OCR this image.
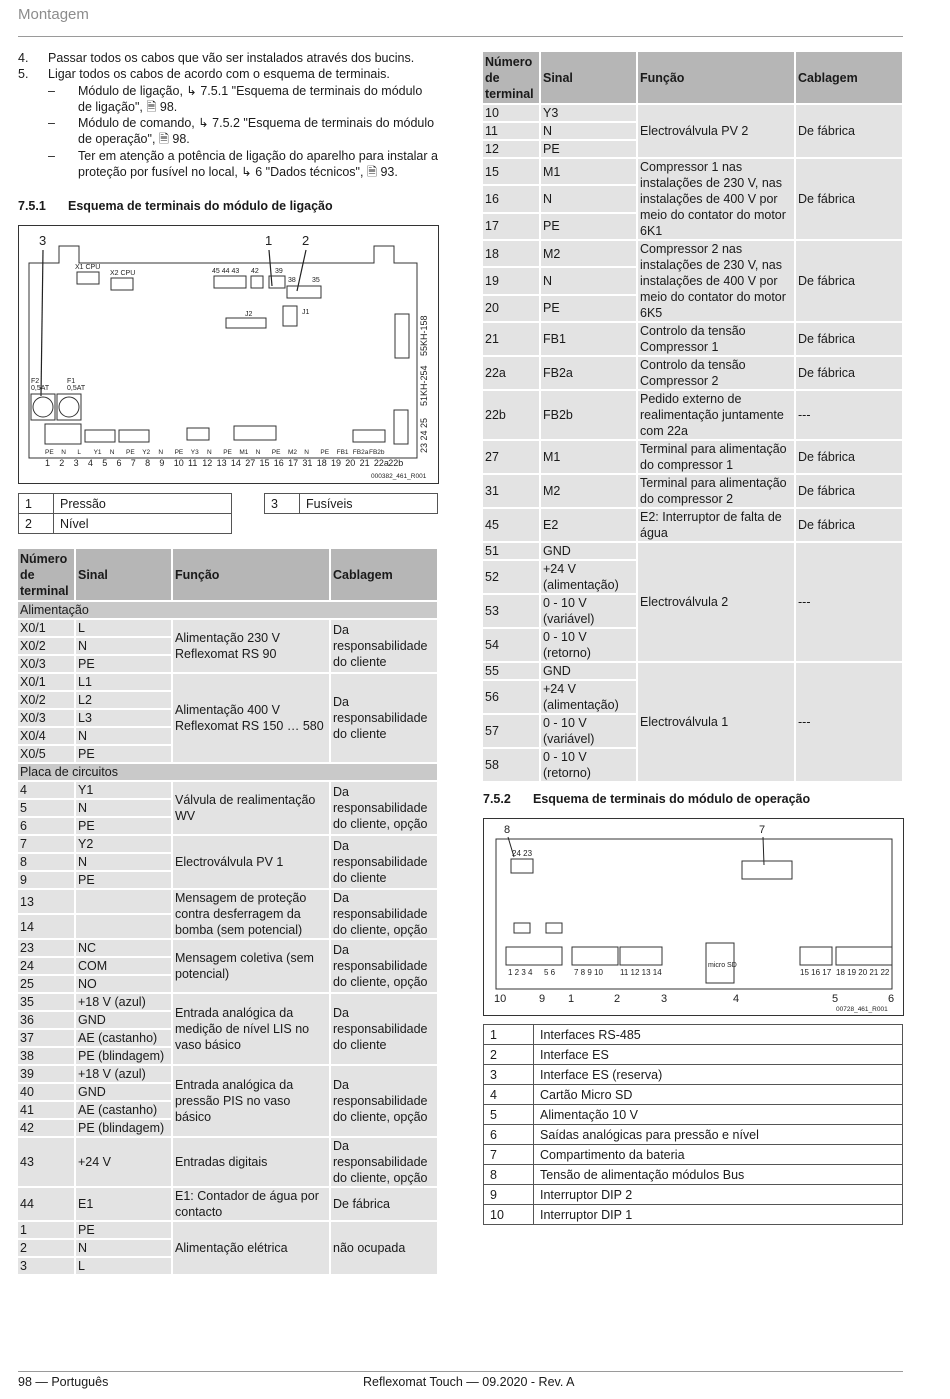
Montagem
4.	Passar todos os cabos que vão ser instalados através dos bucins.
5.	Ligar todos os cabos de acordo com o esquema de terminais.
–	Módulo de ligação, ↳ 7.5.1 "Esquema de terminais do módulo de ligação", 🗎 98.
–	Módulo de comando, ↳ 7.5.2 "Esquema de terminais do módulo de operação", 🗎 98.
–	Ter em atenção a potência de ligação do aparelho para instalar a proteção por fusível no local, ↳ 6 "Dados técnicos", 🗎 93.
7.5.1 Esquema de terminais do módulo de ligação
3	1 2
X1 CPU
X2 CPU	45 44 43 42 39
38 35
J2	J1
55KH-158
51KH-254
23 24 25
F2
0,5AT
F1
0,5AT
PE N L Y1 N PE Y2 N PE Y3 N PE M1 N PE M2 N PE FB1 FB2aFB2b
1 2 3 4 5 6 7 8 9 10 11 12 13 14 27 15 16 17 31 18 19 20 21 22a22b
000382_461_R001
1	Pressão		3	Fusíveis
2	Nível			
Número de terminal	Sinal	Função	Cablagem
Alimentação			
X0/1	L	Alimentação 230 V Reflexomat RS 90	Da responsabilidade do cliente
X0/2	N		
X0/3	PE		
X0/1	L1	Alimentação 400 V Reflexomat RS 150 … 580	Da responsabilidade do cliente
X0/2	L2		
X0/3	L3		
X0/4	N		
X0/5	PE		
Placa de circuitos			
4	Y1	Válvula de realimentação WV	Da responsabilidade do cliente, opção
5	N		
6	PE		
7	Y2	Electroválvula PV 1	Da responsabilidade do cliente
8	N		
9	PE		
13		Mensagem de proteção contra desferragem da bomba (sem potencial)	Da responsabilidade do cliente, opção
14			
23	NC	Mensagem coletiva (sem potencial)	Da responsabilidade do cliente, opção
24	COM		
25	NO		
35	+18 V (azul)	Entrada analógica da medição de nível LIS no vaso básico	Da responsabilidade do cliente
36	GND		
37	AE (castanho)		
38	PE (blindagem)		
39	+18 V (azul)	Entrada analógica da pressão PIS no vaso básico	Da responsabilidade do cliente, opção
40	GND		
41	AE (castanho)		
42	PE (blindagem)		
43	+24 V	Entradas digitais	Da responsabilidade do cliente, opção
44	E1	E1: Contador de água por contacto	De fábrica
1	PE	Alimentação elétrica	não ocupada
2	N		
3	L		
Número de terminal	Sinal	Função	Cablagem
10	Y3	Electroválvula PV 2	De fábrica
11	N		
12	PE		
15	M1	Compressor 1 nas instalações de 230 V, nas instalações de 400 V por meio do contator do motor 6K1	De fábrica
16	N		
17	PE		
18	M2	Compressor 2 nas instalações de 230 V, nas instalações de 400 V por meio do contator do motor 6K5	De fábrica
19	N		
20	PE		
21	FB1	Controlo da tensão Compressor 1	De fábrica
22a	FB2a	Controlo da tensão Compressor 2	De fábrica
22b	FB2b	Pedido externo de realimentação juntamente com 22a	---
27	M1	Terminal para alimentação do compressor 1	De fábrica
31	M2	Terminal para alimentação do compressor 2	De fábrica
45	E2	E2: Interruptor de falta de água	De fábrica
51	GND	Electroválvula 2	---
52	+24 V (alimentação)		
53	0 - 10 V (variável)		
54	0 - 10 V (retorno)		
55	GND	Electroválvula 1	---
56	+24 V (alimentação)		
57	0 - 10 V (variável)		
58	0 - 10 V (retorno)		
7.5.2 Esquema de terminais do módulo de operação
8	7
24 23
micro SD
1 2 3 4 5 6 7 8 9 10 11 12 13 14	15 16 17 18 19 20 21 22
10	9 1	2	3	4	5	6
00728_461_R001
1	Interfaces RS-485
2	Interface ES
3	Interface ES (reserva)
4	Cartão Micro SD
5	Alimentação 10 V
6	Saídas analógicas para pressão e nível
7	Compartimento da bateria
8	Tensão de alimentação módulos Bus
9	Interruptor DIP 2
10	Interruptor DIP 1
98 — Português	Reflexomat Touch — 09.2020 - Rev. A
